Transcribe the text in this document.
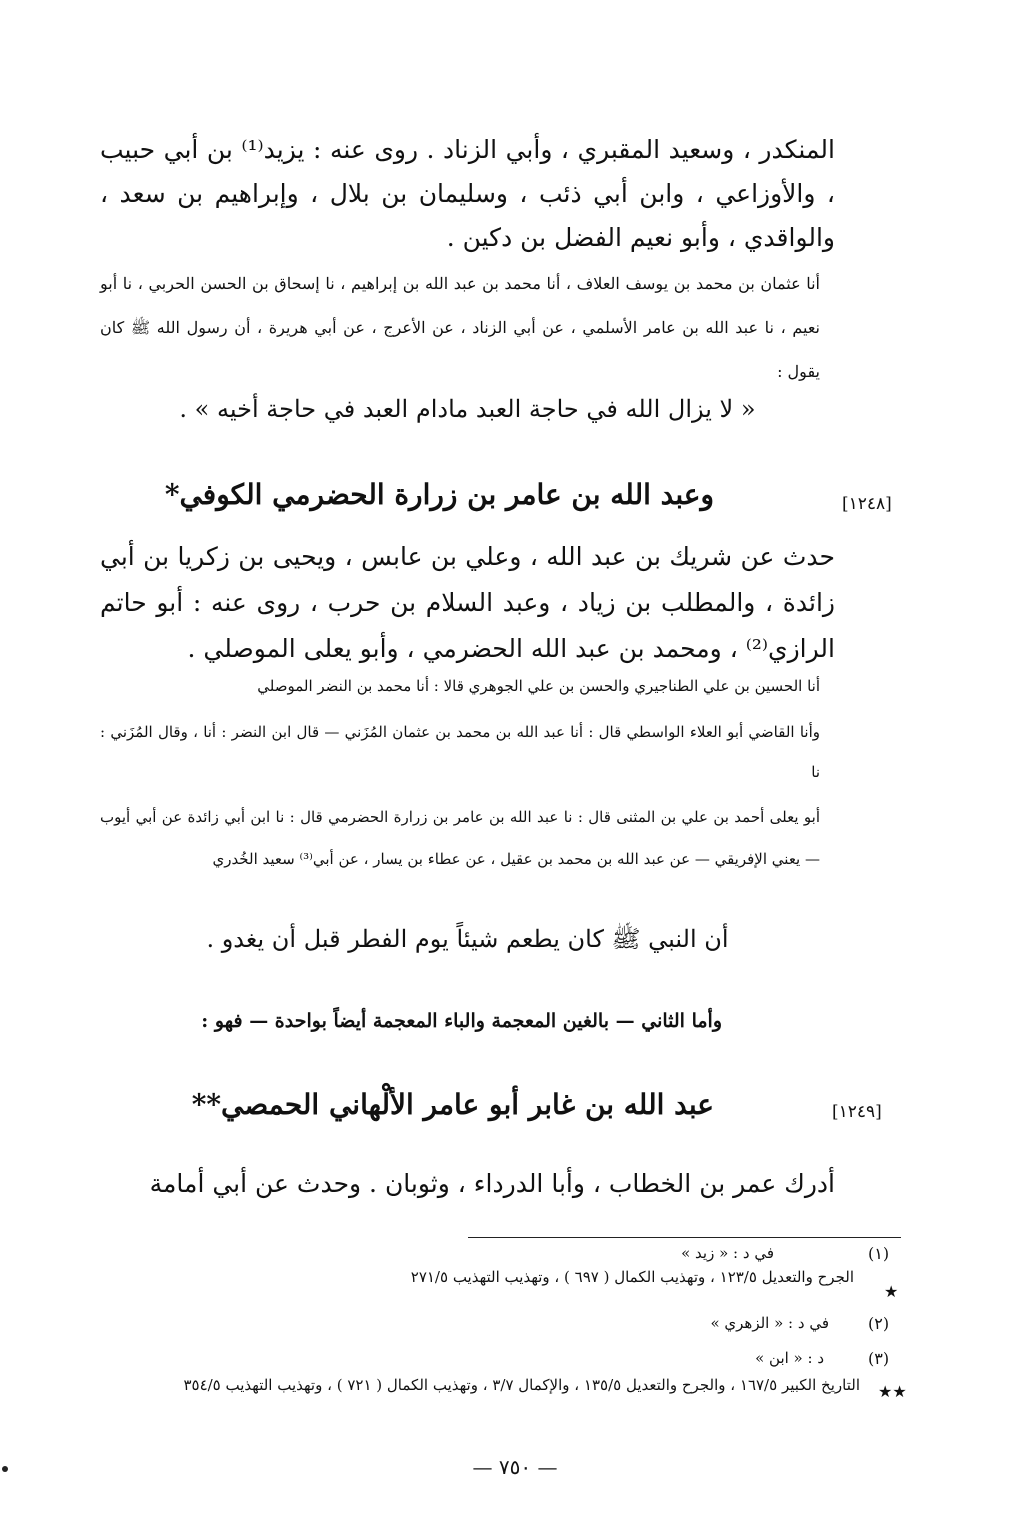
المنكدر ، وسعيد المقبري ، وأبي الزناد . روى عنه : يزيد⁽¹⁾ بن أبي حبيب ، والأوزاعي ، وابن أبي ذئب ، وسليمان بن بلال ، وإبراهيم بن سعد ، والواقدي ، وأبو نعيم الفضل بن دكين .

أنا عثمان بن محمد بن يوسف العلاف ، أنا محمد بن عبد الله بن إبراهيم ، نا إسحاق بن الحسن الحربي ، نا أبو نعيم ، نا عبد الله بن عامر الأسلمي ، عن أبي الزناد ، عن الأعرج ، عن أبي هريرة ، أن رسول الله ﷺ كان يقول :

« لا يزال الله في حاجة العبد مادام العبد في حاجة أخيه » .

[١٢٤٨]
وعبد الله بن عامر بن زرارة الحضرمي الكوفي*

حدث عن شريك بن عبد الله ، وعلي بن عابس ، ويحيى بن زكريا بن أبي زائدة ، والمطلب بن زياد ، وعبد السلام بن حرب ، روى عنه : أبو حاتم الرازي⁽²⁾ ، ومحمد بن عبد الله الحضرمي ، وأبو يعلى الموصلي .

أنا الحسين بن علي الطناجيري والحسن بن علي الجوهري قالا : أنا محمد بن النضر الموصلي

وأنا القاضي أبو العلاء الواسطي قال : أنا عبد الله بن محمد بن عثمان المُزَني — قال ابن النضر : أنا ، وقال المُزَني : نا

أبو يعلى أحمد بن علي بن المثنى قال : نا عبد الله بن عامر بن زرارة الحضرمي قال : نا ابن أبي زائدة عن أبي أيوب — يعني الإفريقي — عن عبد الله بن محمد بن عقيل ، عن عطاء بن يسار ، عن أبي⁽³⁾ سعيد الخُدري

أن النبي ﷺ كان يطعم شيئاً يوم الفطر قبل أن يغدو .

وأما الثاني — بالغين المعجمة والباء المعجمة أيضاً بواحدة — فهو :
[١٢٤٩]
عبد الله بن غابر أبو عامر الألْهاني الحمصي**

أدرك عمر بن الخطاب ، وأبا الدرداء ، وثوبان . وحدث عن أبي أمامة

(١)
في د : « زيد »
★
الجرح والتعديل ١٢٣/٥ ، وتهذيب الكمال ( ٦٩٧ ) ، وتهذيب التهذيب ٢٧١/٥
(٢)
في د : « الزهري »
(٣)
د : « ابن »
★★
التاريخ الكبير ١٦٧/٥ ، والجرح والتعديل ١٣٥/٥ ، والإكمال ٣/٧ ، وتهذيب الكمال ( ٧٢١ ) ، وتهذيب التهذيب ٣٥٤/٥
— ٧٥٠ —
